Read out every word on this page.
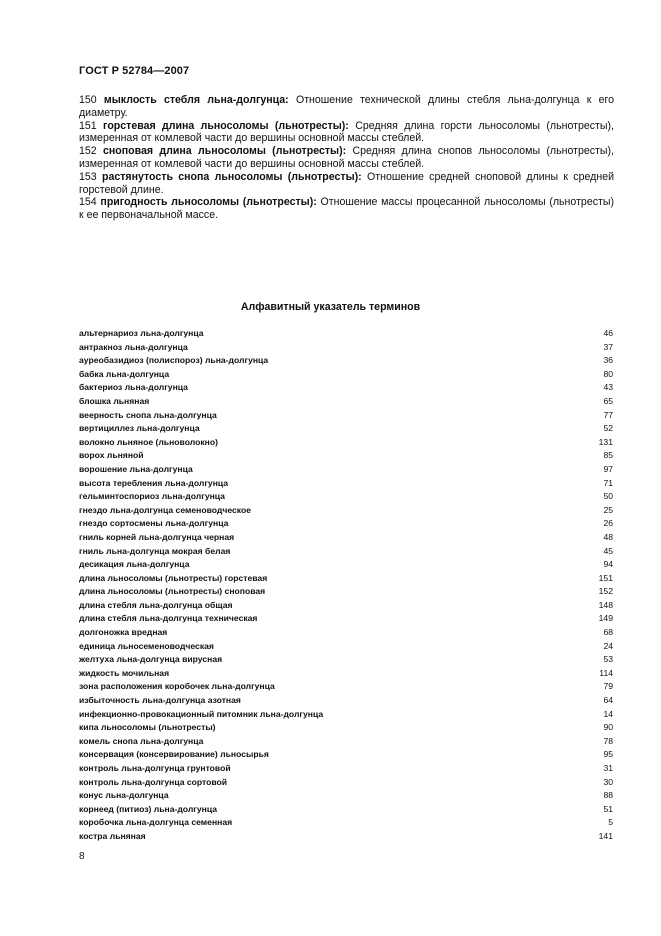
ГОСТ Р 52784—2007

150 мыклость стебля льна-долгунца: Отношение технической длины стебля льна-долгунца к его диаметру.

151 горстевая длина льносоломы (льнотресты): Средняя длина горсти льносоломы (льнотресты), измеренная от комлевой части до вершины основной массы стеблей.

152 сноповая длина льносоломы (льнотресты): Средняя длина снопов льносоломы (льнотресты), измеренная от комлевой части до вершины основной массы стеблей.

153 растянутость снопа льносоломы (льнотресты): Отношение средней сноповой длины к средней горстевой длине.

154 пригодность льносоломы (льнотресты): Отношение массы процесанной льносоломы (льнотресты) к ее первоначальной массе.

Алфавитный указатель терминов
альтернариоз льна-долгунца	46
антракноз льна-долгунца	37
ауреобазидиоз (полиспороз) льна-долгунца	36
бабка льна-долгунца	80
бактериоз льна-долгунца	43
блошка льняная	65
веерность снопа льна-долгунца	77
вертициллез льна-долгунца	52
волокно льняное (льноволокно)	131
ворох льняной	85
ворошение льна-долгунца	97
высота теребления льна-долгунца	71
гельминтоспориоз льна-долгунца	50
гнездо льна-долгунца семеноводческое	25
гнездо сортосмены льна-долгунца	26
гниль корней льна-долгунца черная	48
гниль льна-долгунца мокрая белая	45
десикация льна-долгунца	94
длина льносоломы (льнотресты) горстевая	151
длина льносоломы (льнотресты) сноповая	152
длина стебля льна-долгунца общая	148
длина стебля льна-долгунца техническая	149
долгоножка вредная	68
единица льносеменоводческая	24
желтуха льна-долгунца вирусная	53
жидкость мочильная	114
зона расположения коробочек льна-долгунца	79
избыточность льна-долгунца азотная	64
инфекционно-провокационный питомник льна-долгунца	14
кипа льносоломы (льнотресты)	90
комель снопа льна-долгунца	78
консервация (консервирование) льносырья	95
контроль льна-долгунца грунтовой	31
контроль льна-долгунца сортовой	30
конус льна-долгунца	88
корнеед (питиоз) льна-долгунца	51
коробочка льна-долгунца семенная	5
костра льняная	141
8
